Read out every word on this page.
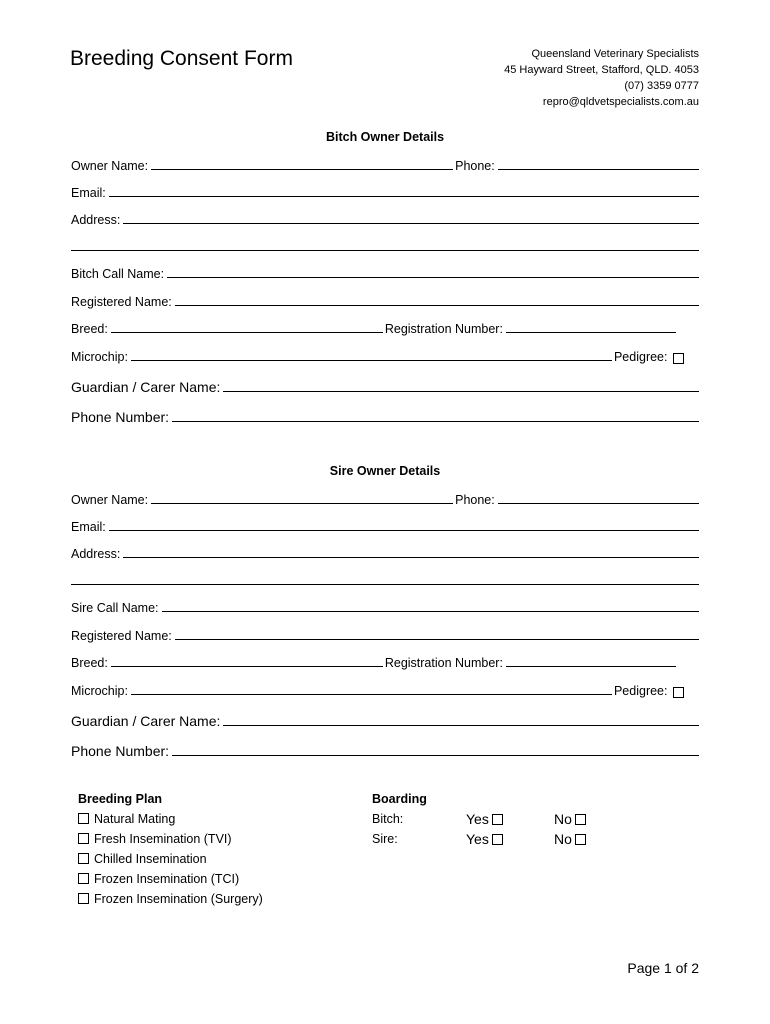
Breeding Consent Form	Queensland Veterinary Specialists
45 Hayward Street, Stafford, QLD. 4053
(07) 3359 0777
repro@qldvetspecialists.com.au
Bitch Owner Details
Owner Name:	Phone:
Email:
Address:
Bitch Call Name:
Registered Name:
Breed:	Registration Number:
Microchip:	Pedigree:
Guardian / Carer Name:
Phone Number:
Sire Owner Details
Owner Name:	Phone:
Email:
Address:
Sire Call Name:
Registered Name:
Breed:	Registration Number:
Microchip:	Pedigree:
Guardian / Carer Name:
Phone Number:
Breeding Plan
Natural Mating
Fresh Insemination (TVI)
Chilled Insemination
Frozen Insemination (TCI)
Frozen Insemination (Surgery)
Boarding
Bitch:	Yes	No
Sire:	Yes	No
Page 1 of 2
